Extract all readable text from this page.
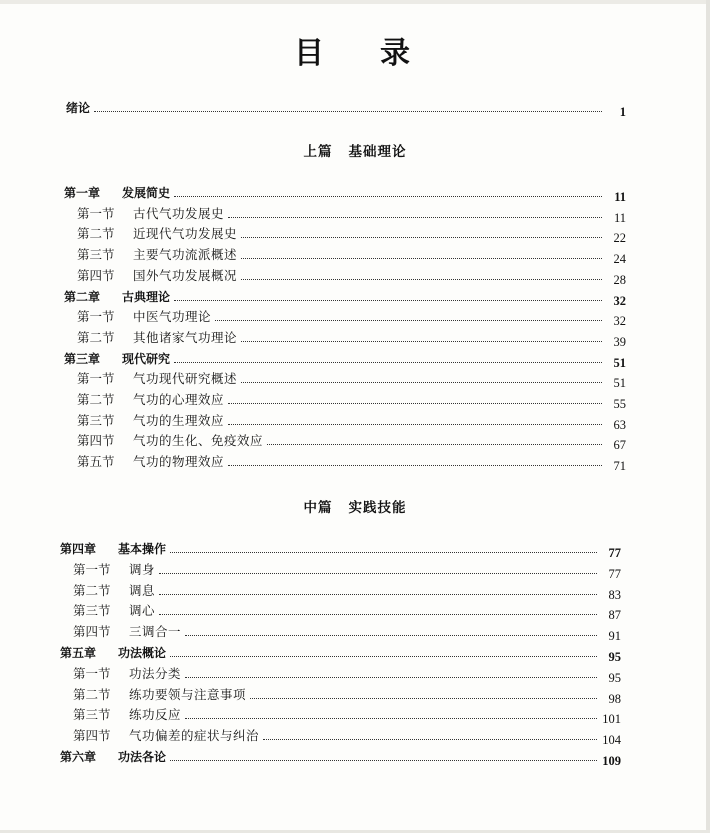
目 录
绪论	1
上篇 基础理论
第一章	发展简史	11
第一节	古代气功发展史	11
第二节	近现代气功发展史	22
第三节	主要气功流派概述	24
第四节	国外气功发展概况	28
第二章	古典理论	32
第一节	中医气功理论	32
第二节	其他诸家气功理论	39
第三章	现代研究	51
第一节	气功现代研究概述	51
第二节	气功的心理效应	55
第三节	气功的生理效应	63
第四节	气功的生化、免疫效应	67
第五节	气功的物理效应	71
中篇 实践技能
第四章	基本操作	77
第一节	调身	77
第二节	调息	83
第三节	调心	87
第四节	三调合一	91
第五章	功法概论	95
第一节	功法分类	95
第二节	练功要领与注意事项	98
第三节	练功反应	101
第四节	气功偏差的症状与纠治	104
第六章	功法各论	109
